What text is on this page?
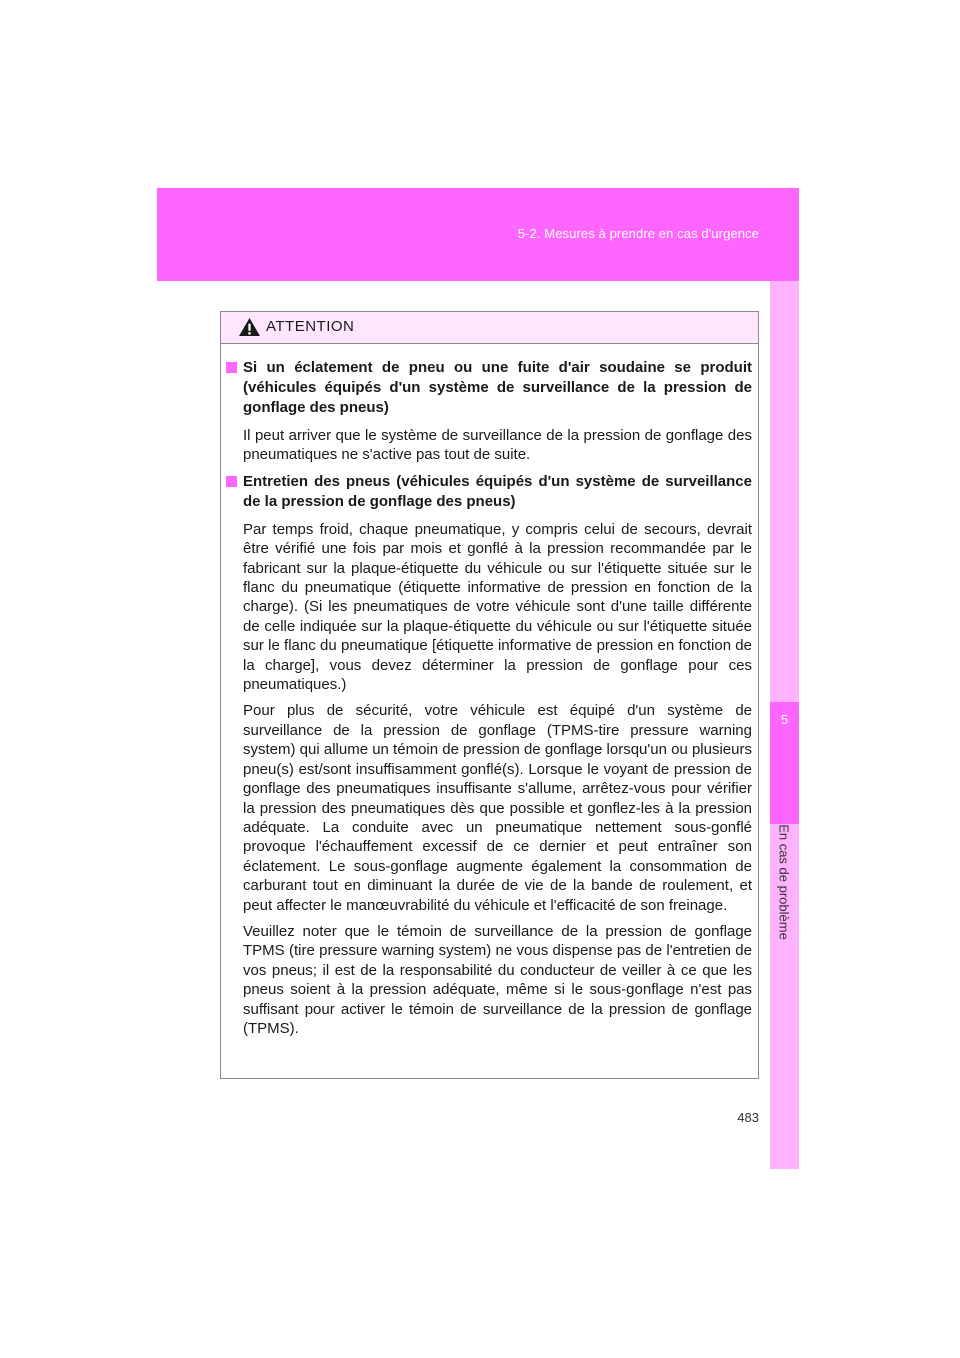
5-2. Mesures à prendre en cas d'urgence
5
En cas de problème
ATTENTION

Si un éclatement de pneu ou une fuite d'air soudaine se produit (véhicules équipés d'un système de surveillance de la pression de gonflage des pneus)

Il peut arriver que le système de surveillance de la pression de gonflage des pneumatiques ne s'active pas tout de suite.

Entretien des pneus (véhicules équipés d'un système de surveillance de la pression de gonflage des pneus)

Par temps froid, chaque pneumatique, y compris celui de secours, devrait être vérifié une fois par mois et gonflé à la pression recommandée par le fabricant sur la plaque-étiquette du véhicule ou sur l'étiquette située sur le flanc du pneumatique (étiquette informative de pression en fonction de la charge). (Si les pneumatiques de votre véhicule sont d'une taille différente de celle indiquée sur la plaque-étiquette du véhicule ou sur l'étiquette située sur le flanc du pneumatique [étiquette informative de pression en fonction de la charge], vous devez déterminer la pression de gonflage pour ces pneumatiques.)

Pour plus de sécurité, votre véhicule est équipé d'un système de surveillance de la pression de gonflage (TPMS-tire pressure warning system) qui allume un témoin de pression de gonflage lorsqu'un ou plusieurs pneu(s) est/sont insuffisamment gonflé(s). Lorsque le voyant de pression de gonflage des pneumatiques insuffisante s'allume, arrêtez-vous pour vérifier la pression des pneumatiques dès que possible et gonflez-les à la pression adéquate. La conduite avec un pneumatique nettement sous-gonflé provoque l'échauffement excessif de ce dernier et peut entraîner son éclatement. Le sous-gonflage augmente également la consommation de carburant tout en diminuant la durée de vie de la bande de roulement, et peut affecter le manœuvrabilité du véhicule et l'efficacité de son freinage.

Veuillez noter que le témoin de surveillance de la pression de gonflage TPMS (tire pressure warning system) ne vous dispense pas de l'entretien de vos pneus; il est de la responsabilité du conducteur de veiller à ce que les pneus soient à la pression adéquate, même si le sous-gonflage n'est pas suffisant pour activer le témoin de surveillance de la pression de gonflage (TPMS).

483
